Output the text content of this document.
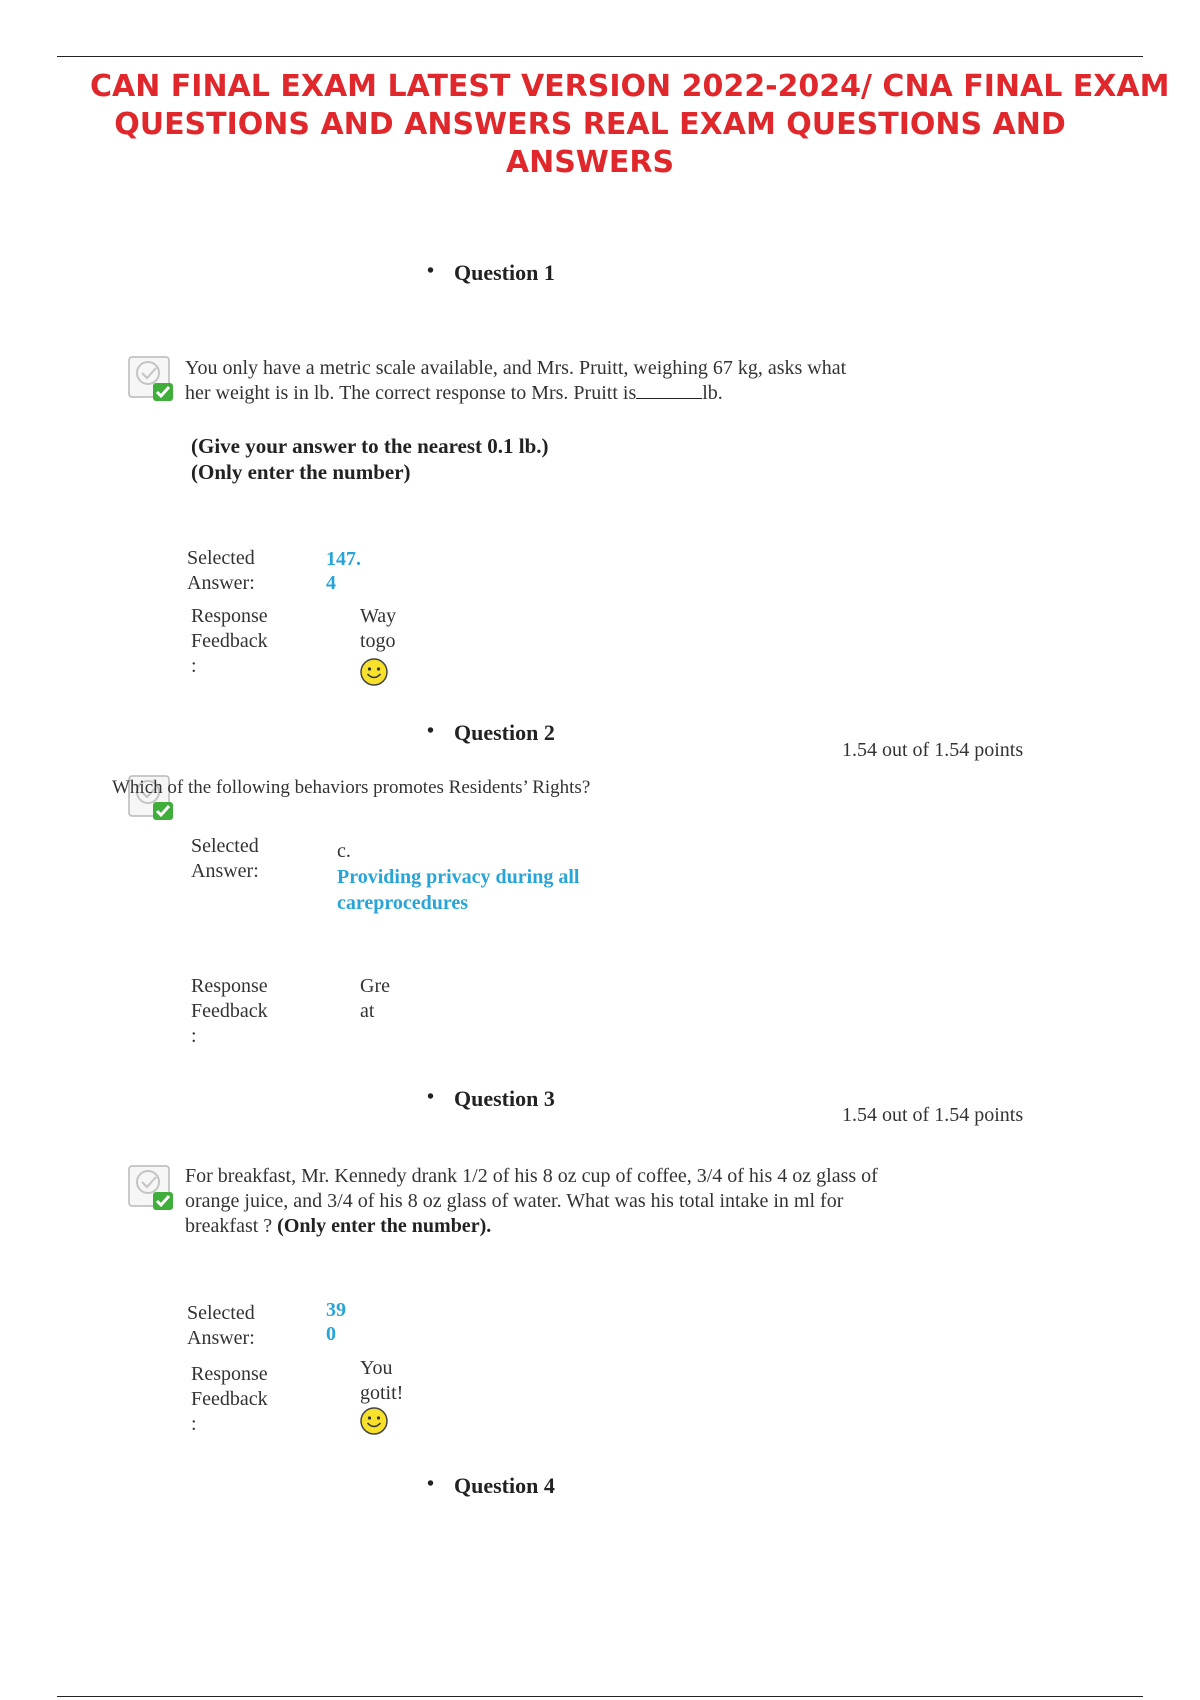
CAN FINAL EXAM LATEST VERSION 2022-2024/ CNA FINAL EXAM
QUESTIONS AND ANSWERS REAL EXAM QUESTIONS AND
ANSWERS
• Question 1
You only have a metric scale available, and Mrs. Pruitt, weighing 67 kg, asks what
her weight is in lb. The correct response to Mrs. Pruitt is	lb.
(Give your answer to the nearest 0.1 lb.)
(Only enter the number)
Selected
Answer:
147.
4
Response
Feedback
:
Way
togo
• Question 2
1.54 out of 1.54 points
Which of the following behaviors promotes Residents’ Rights?
Selected
Answer:
c.
Providing privacy during all
careprocedures
Response
Feedback
:
Gre
at
• Question 3
1.54 out of 1.54 points
For breakfast, Mr. Kennedy drank 1/2 of his 8 oz cup of coffee, 3/4 of his 4 oz glass of
orange juice, and 3/4 of his 8 oz glass of water. What was his total intake in ml for
breakfast ? (Only enter the number).
Selected
Answer:
39
0
Response
Feedback
:
You
gotit!
• Question 4
